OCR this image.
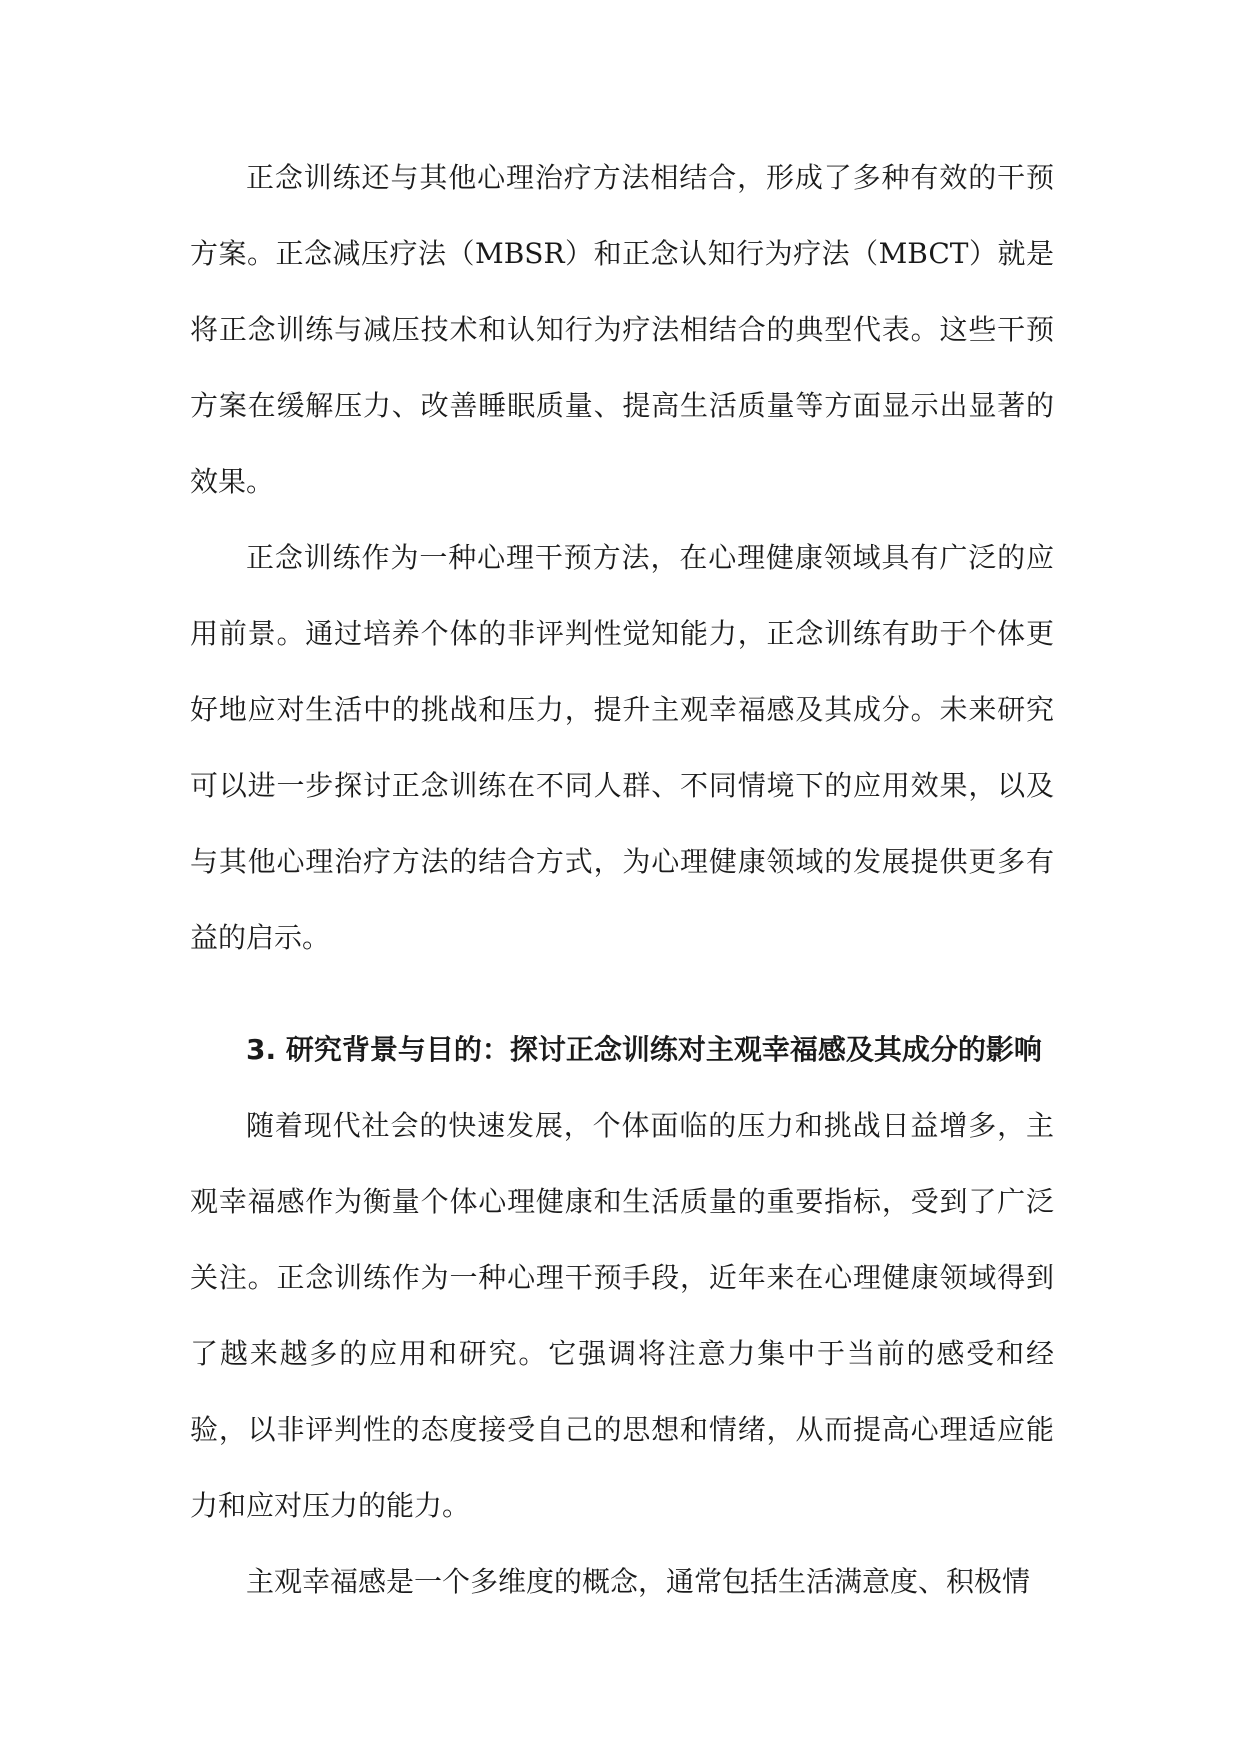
正念训练还与其他心理治疗方法相结合，形成了多种有效的干预方案。正念减压疗法（MBSR）和正念认知行为疗法（MBCT）就是将正念训练与减压技术和认知行为疗法相结合的典型代表。这些干预方案在缓解压力、改善睡眠质量、提高生活质量等方面显示出显著的效果。

正念训练作为一种心理干预方法，在心理健康领域具有广泛的应用前景。通过培养个体的非评判性觉知能力，正念训练有助于个体更好地应对生活中的挑战和压力，提升主观幸福感及其成分。未来研究可以进一步探讨正念训练在不同人群、不同情境下的应用效果，以及与其他心理治疗方法的结合方式，为心理健康领域的发展提供更多有益的启示。

3. 研究背景与目的：探讨正念训练对主观幸福感及其成分的影响

随着现代社会的快速发展，个体面临的压力和挑战日益增多，主观幸福感作为衡量个体心理健康和生活质量的重要指标，受到了广泛关注。正念训练作为一种心理干预手段，近年来在心理健康领域得到了越来越多的应用和研究。它强调将注意力集中于当前的感受和经验，以非评判性的态度接受自己的思想和情绪，从而提高心理适应能力和应对压力的能力。

主观幸福感是一个多维度的概念，通常包括生活满意度、积极情
